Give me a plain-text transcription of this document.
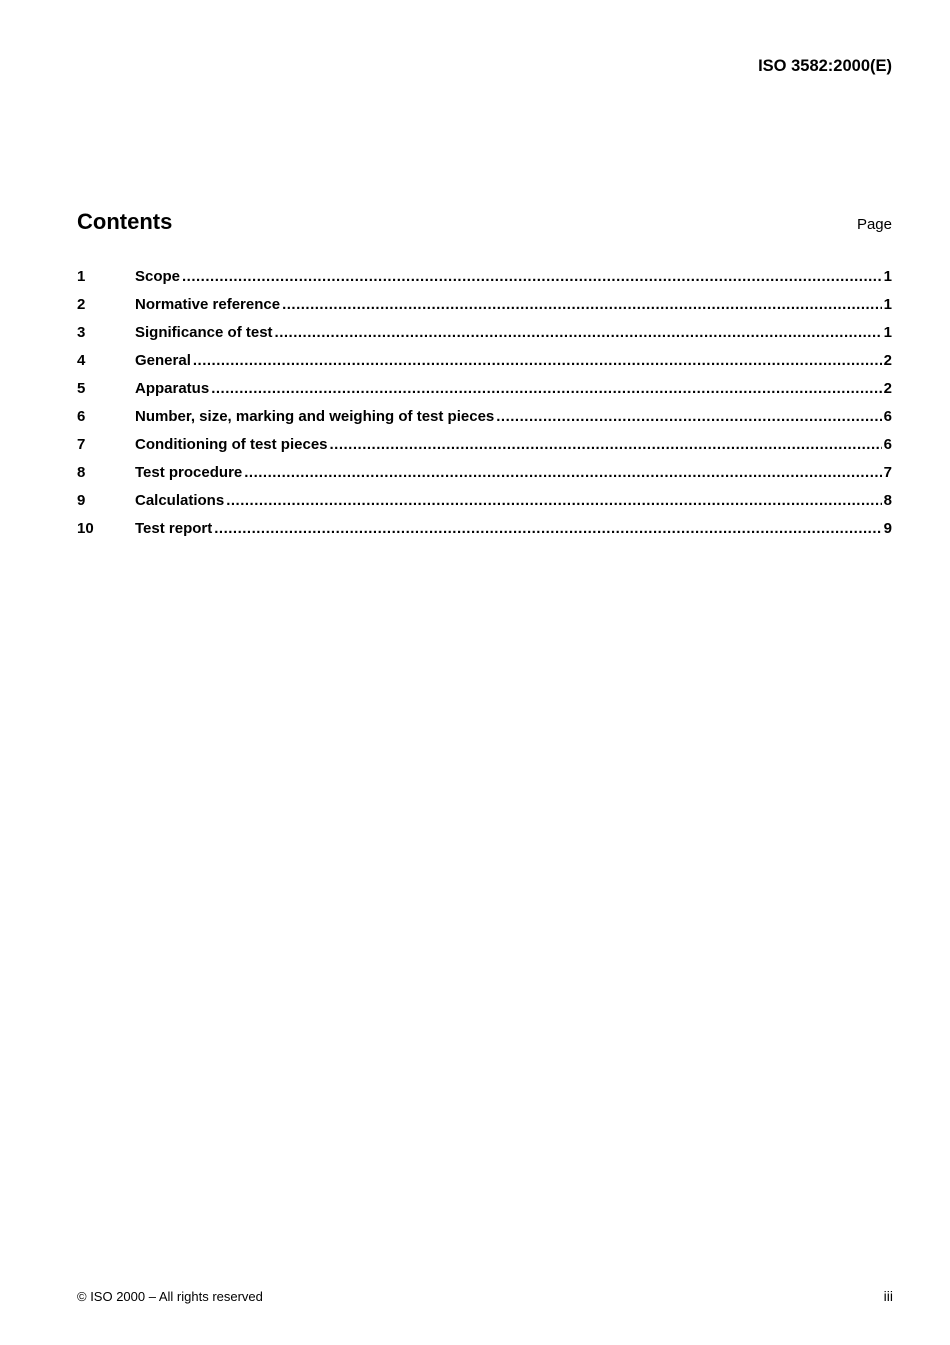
ISO 3582:2000(E)
Contents	Page
1	Scope .....	1
2	Normative reference .....	1
3	Significance of test .....	1
4	General .....	2
5	Apparatus .....	2
6	Number, size, marking and weighing of test pieces .....	6
7	Conditioning of test pieces .....	6
8	Test procedure .....	7
9	Calculations .....	8
10	Test report .....	9
© ISO 2000 – All rights reserved	iii
